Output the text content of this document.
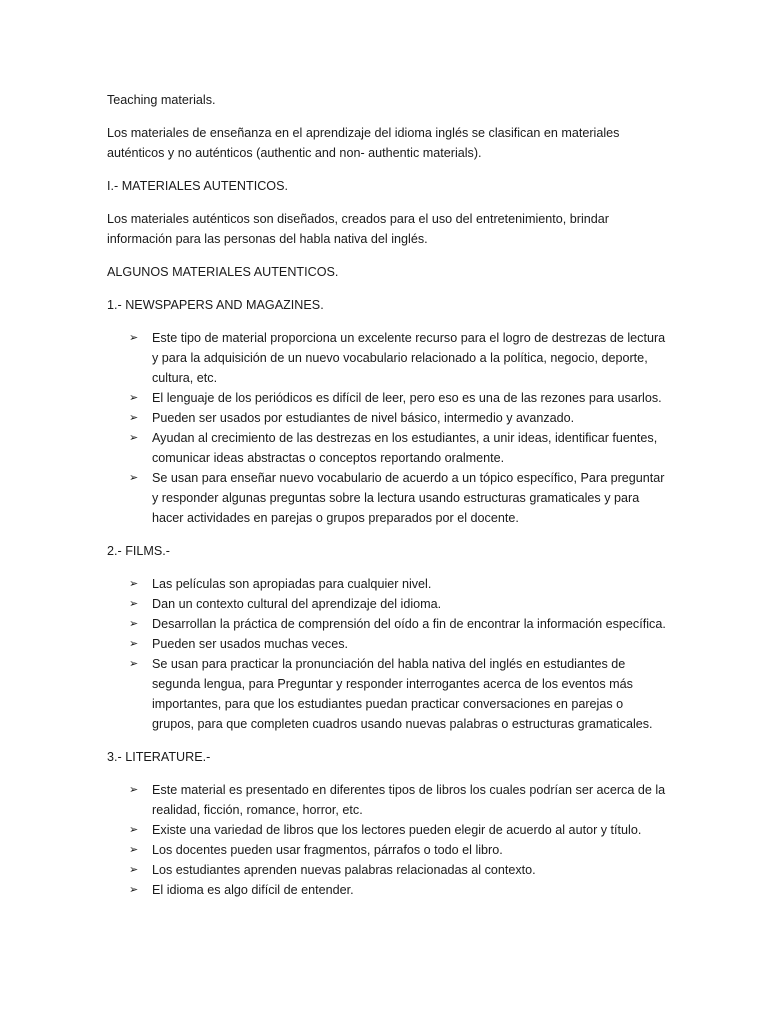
Teaching materials.

Los materiales de enseñanza en el aprendizaje del idioma inglés se clasifican en materiales auténticos y no auténticos (authentic and non- authentic materials).

I.- MATERIALES AUTENTICOS.

Los materiales auténticos son diseñados, creados para el uso del entretenimiento, brindar información para las personas del habla nativa del inglés.

ALGUNOS MATERIALES AUTENTICOS.

1.- NEWSPAPERS AND MAGAZINES.

➢ Este tipo de material proporciona un excelente recurso para el logro de destrezas de lectura y para la adquisición de un nuevo vocabulario relacionado a la política, negocio, deporte, cultura, etc.
➢ El lenguaje de los periódicos es difícil de leer, pero eso es una de las rezones para usarlos.
➢ Pueden ser usados por estudiantes de nivel básico, intermedio y avanzado.
➢ Ayudan al crecimiento de las destrezas en los estudiantes, a unir ideas, identificar fuentes, comunicar ideas abstractas o conceptos reportando oralmente.
➢ Se usan para enseñar nuevo vocabulario de acuerdo a un tópico específico, Para preguntar y responder algunas preguntas sobre la lectura usando estructuras gramaticales y para hacer actividades en parejas o grupos preparados por el docente.

2.- FILMS.-

➢ Las películas son apropiadas para cualquier nivel.
➢ Dan un contexto cultural del aprendizaje del idioma.
➢ Desarrollan la práctica de comprensión del oído a fin de encontrar la información específica.
➢ Pueden ser usados muchas veces.
➢ Se usan para practicar la pronunciación del habla nativa del inglés en estudiantes de segunda lengua, para Preguntar y responder interrogantes acerca de los eventos más importantes, para que los estudiantes puedan practicar conversaciones en parejas o grupos, para que completen cuadros usando nuevas palabras o estructuras gramaticales.

3.- LITERATURE.-

➢ Este material es presentado en diferentes tipos de libros los cuales podrían ser acerca de la realidad, ficción, romance, horror, etc.
➢ Existe una variedad de libros que los lectores pueden elegir de acuerdo al autor y título.
➢ Los docentes pueden usar fragmentos, párrafos o todo el libro.
➢ Los estudiantes aprenden nuevas palabras relacionadas al contexto.
➢ El idioma es algo difícil de entender.
